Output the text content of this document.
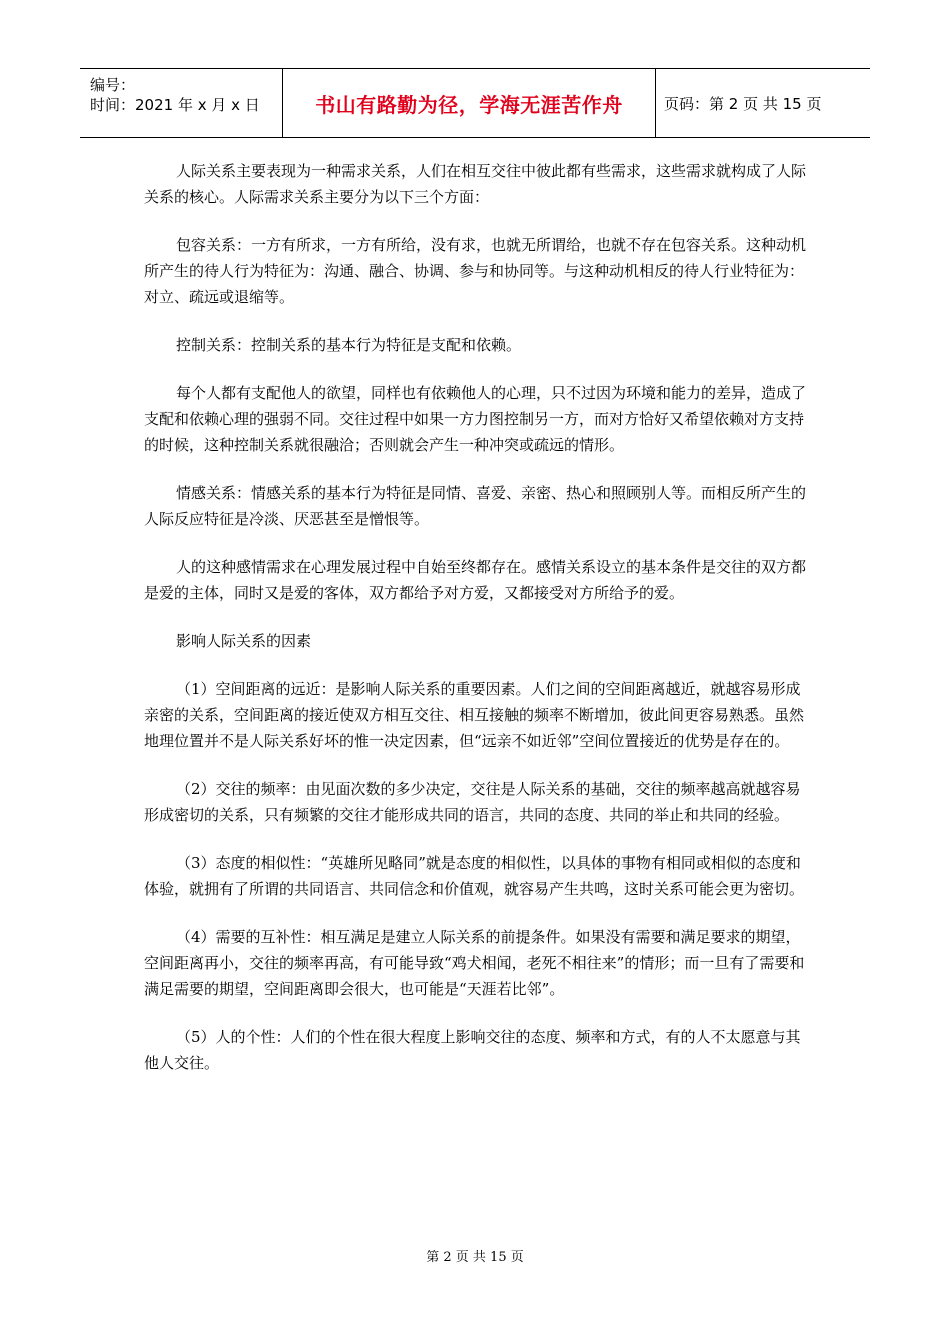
编号：
时间：2021 年 x 月 x 日	书山有路勤为径，学海无涯苦作舟	页码：第 2 页 共 15 页

人际关系主要表现为一种需求关系，人们在相互交往中彼此都有些需求，这些需求就构成了人际关系的核心。人际需求关系主要分为以下三个方面：

包容关系：一方有所求，一方有所给，没有求，也就无所谓给，也就不存在包容关系。这种动机所产生的待人行为特征为：沟通、融合、协调、参与和协同等。与这种动机相反的待人行业特征为：对立、疏远或退缩等。

控制关系：控制关系的基本行为特征是支配和依赖。

每个人都有支配他人的欲望，同样也有依赖他人的心理，只不过因为环境和能力的差异，造成了支配和依赖心理的强弱不同。交往过程中如果一方力图控制另一方，而对方恰好又希望依赖对方支持的时候，这种控制关系就很融洽；否则就会产生一种冲突或疏远的情形。

情感关系：情感关系的基本行为特征是同情、喜爱、亲密、热心和照顾别人等。而相反所产生的人际反应特征是冷淡、厌恶甚至是憎恨等。

人的这种感情需求在心理发展过程中自始至终都存在。感情关系设立的基本条件是交往的双方都是爱的主体，同时又是爱的客体，双方都给予对方爱，又都接受对方所给予的爱。

影响人际关系的因素

（1）空间距离的远近：是影响人际关系的重要因素。人们之间的空间距离越近，就越容易形成亲密的关系，空间距离的接近使双方相互交往、相互接触的频率不断增加，彼此间更容易熟悉。虽然地理位置并不是人际关系好坏的惟一决定因素，但“远亲不如近邻”空间位置接近的优势是存在的。

（2）交往的频率：由见面次数的多少决定，交往是人际关系的基础，交往的频率越高就越容易形成密切的关系，只有频繁的交往才能形成共同的语言，共同的态度、共同的举止和共同的经验。

（3）态度的相似性：“英雄所见略同”就是态度的相似性，以具体的事物有相同或相似的态度和体验，就拥有了所谓的共同语言、共同信念和价值观，就容易产生共鸣，这时关系可能会更为密切。

（4）需要的互补性：相互满足是建立人际关系的前提条件。如果没有需要和满足要求的期望，空间距离再小，交往的频率再高，有可能导致“鸡犬相闻，老死不相往来”的情形；而一旦有了需要和满足需要的期望，空间距离即会很大，也可能是“天涯若比邻”。

（5）人的个性：人们的个性在很大程度上影响交往的态度、频率和方式，有的人不太愿意与其他人交往。

第 2 页 共 15 页
